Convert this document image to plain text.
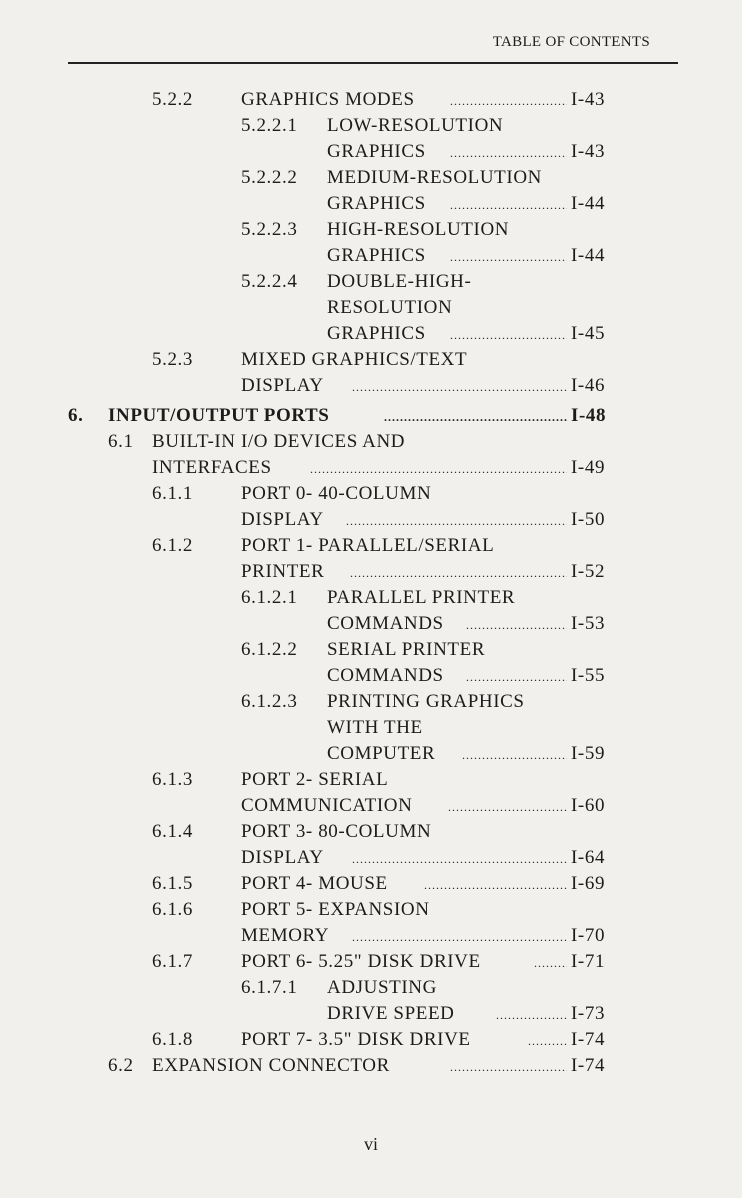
TABLE OF CONTENTS
5.2.2	GRAPHICS MODES .....	I-43
5.2.2.1 LOW-RESOLUTION
GRAPHICS .....	I-43
5.2.2.2 MEDIUM-RESOLUTION
GRAPHICS .....	I-44
5.2.2.3 HIGH-RESOLUTION
GRAPHICS .....	I-44
5.2.2.4 DOUBLE-HIGH-
RESOLUTION
GRAPHICS .....	I-45
5.2.3	MIXED GRAPHICS/TEXT
DISPLAY .....	I-46
6. INPUT/OUTPUT PORTS .....	I-48
6.1 BUILT-IN I/O DEVICES AND
INTERFACES .....	I-49
6.1.1	PORT 0- 40-COLUMN
DISPLAY .....	I-50
6.1.2	PORT 1- PARALLEL/SERIAL
PRINTER .....	I-52
6.1.2.1 PARALLEL PRINTER
COMMANDS .....	I-53
6.1.2.2 SERIAL PRINTER
COMMANDS .....	I-55
6.1.2.3 PRINTING GRAPHICS
WITH THE
COMPUTER .....	I-59
6.1.3	PORT 2- SERIAL
COMMUNICATION .....	I-60
6.1.4	PORT 3- 80-COLUMN
DISPLAY .....	I-64
6.1.5	PORT 4- MOUSE .....	I-69
6.1.6	PORT 5- EXPANSION
MEMORY .....	I-70
6.1.7	PORT 6- 5.25" DISK DRIVE .....	I-71
6.1.7.1 ADJUSTING
DRIVE SPEED .....	I-73
6.1.8	PORT 7- 3.5" DISK DRIVE .....	I-74
6.2 EXPANSION CONNECTOR .....	I-74
vi
